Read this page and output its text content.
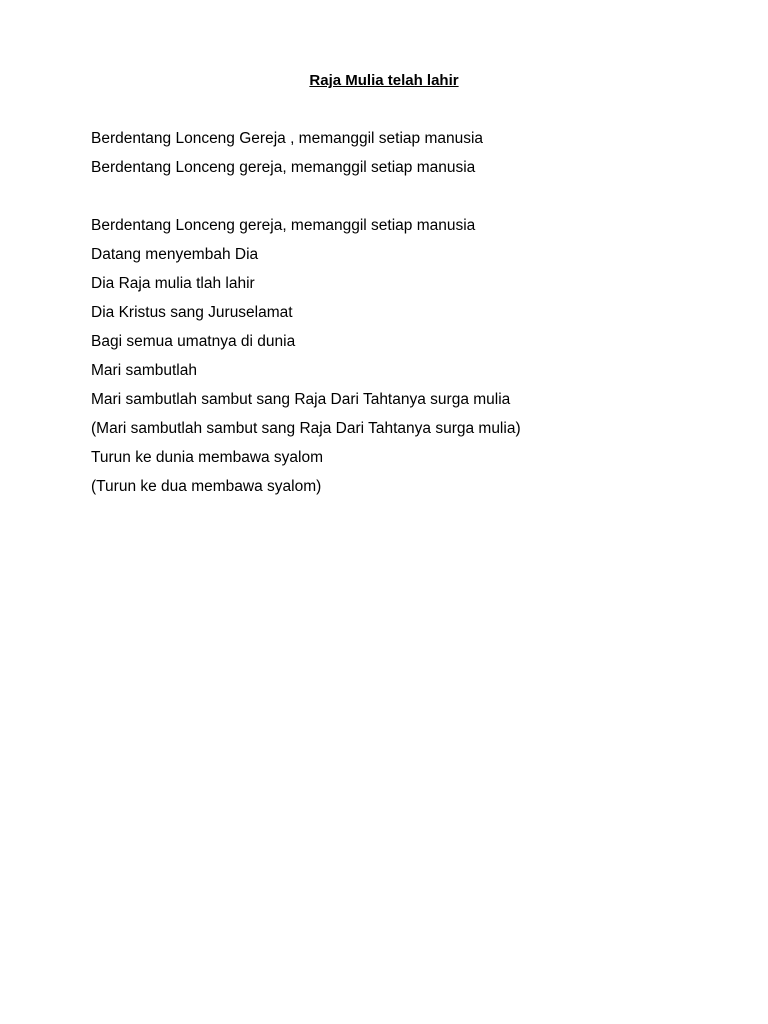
Raja Mulia telah lahir
Berdentang Lonceng Gereja , memanggil setiap manusia
Berdentang Lonceng gereja, memanggil setiap manusia
Berdentang Lonceng gereja, memanggil setiap manusia
Datang menyembah Dia
Dia Raja mulia tlah lahir
Dia Kristus sang Juruselamat
Bagi semua umatnya di dunia
Mari sambutlah
Mari sambutlah sambut sang Raja Dari Tahtanya surga mulia
(Mari sambutlah sambut sang Raja Dari Tahtanya surga mulia)
Turun ke dunia membawa syalom
(Turun ke dua membawa syalom)
